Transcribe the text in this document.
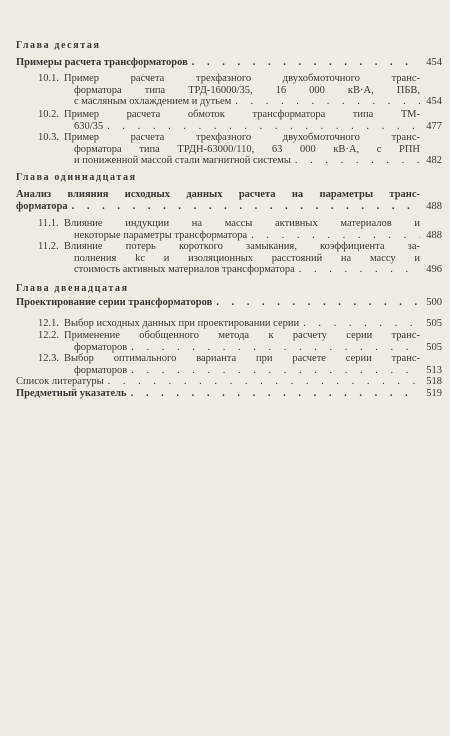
Глава десятая
Примеры расчета трансформаторов . . .	454
10.1. Пример расчета трехфазного двухобмоточного транс-
форматора типа ТРД-16000/35, 16 000 кВ·А, ПБВ,
с масляным охлаждением и дутьем . . .	454
10.2. Пример расчета обмоток трансформатора типа ТМ-
630/35 . . .	477
10.3. Пример расчета трехфазного двухобмоточного транс-
форматора типа ТРДН-63000/110, 63 000 кВ·А, с РПН
и пониженной массой стали магнитной системы . . .	482
Глава одиннадцатая
Анализ влияния исходных данных расчета на параметры транс-
форматора . . .	488
11.1. Влияние индукции на массы активных материалов и
некоторые параметры трансформатора . . .	488
11.2. Влияние потерь короткого замыкания, коэффициента за-
полнения kс и изоляционных расстояний на массу и
стоимость активных материалов трансформатора . . .	496
Глава двенадцатая
Проектирование серии трансформаторов . . .	500
12.1. Выбор исходных данных при проектировании серии . . .	505
12.2. Применение обобщенного метода к расчету серии транс-
форматоров . . .	505
12.3. Выбор оптимального варианта при расчете серии транс-
форматоров . . .	513
Список литературы . . .	518
Предметный указатель . . .	519
